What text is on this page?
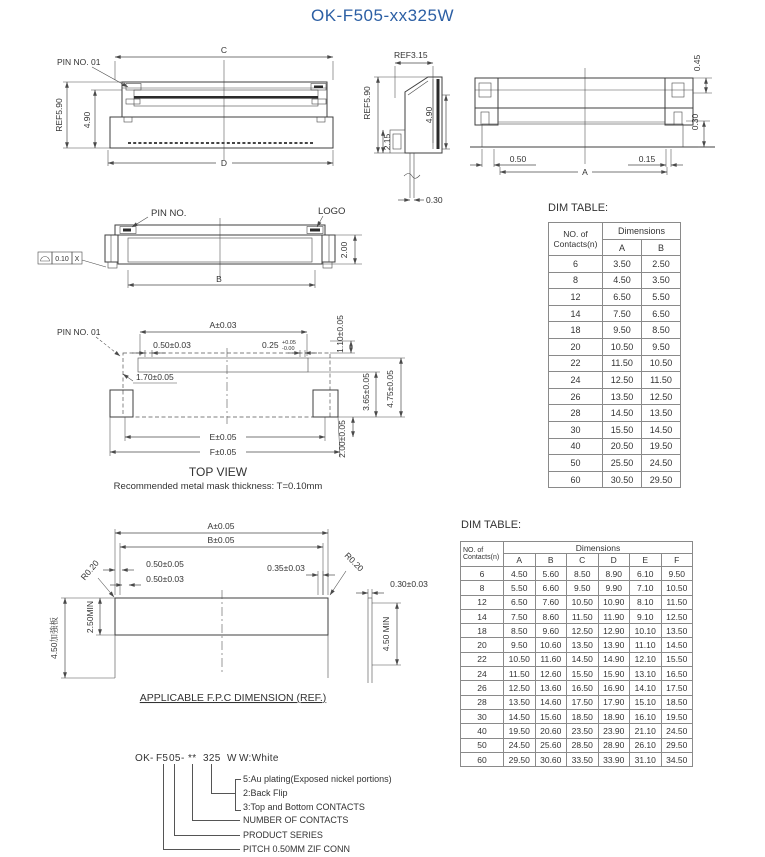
OK-F505-xx325W
C
D
REF5.90 4.90
PIN NO. 01
REF3.15
REF5.90
2.15
4.90
0.30
0.45
0.30
0.50	0.15
A
PIN NO.	LOGO
0.10 X
B
2.00
PIN NO. 01
A±0.03
0.50±0.03	0.25 +0.05
-0.00
1.70±0.05
E±0.05
F±0.05
1.10±0.05
3.65±0.05 4.75±0.05
2.00±0.05
TOP VIEW
Recommended metal mask thickness: T=0.10mm
A±0.05
B±0.05
0.50±0.05
0.50±0.03
0.35±0.03
R0.20	R0.20
4.50加強板	2.50MIN
0.30±0.03
4.50 MIN
APPLICABLE F.P.C DIMENSION (REF.)
DIM TABLE:
NO. of
Contacts(n)	Dimensions	
	A	B
6	3.50	2.50
8	4.50	3.50
12	6.50	5.50
14	7.50	6.50
18	9.50	8.50
20	10.50	9.50
22	11.50	10.50
24	12.50	11.50
26	13.50	12.50
28	14.50	13.50
30	15.50	14.50
40	20.50	19.50
50	25.50	24.50
60	30.50	29.50
DIM TABLE:
NO. of
Contacts(n)	Dimensions					
	A	B	C	D	E	F
6	4.50	5.60	8.50	8.90	6.10	9.50
8	5.50	6.60	9.50	9.90	7.10	10.50
12	6.50	7.60	10.50	10.90	8.10	11.50
14	7.50	8.60	11.50	11.90	9.10	12.50
18	8.50	9.60	12.50	12.90	10.10	13.50
20	9.50	10.60	13.50	13.90	11.10	14.50
22	10.50	11.60	14.50	14.90	12.10	15.50
24	11.50	12.60	15.50	15.90	13.10	16.50
26	12.50	13.60	16.50	16.90	14.10	17.50
28	13.50	14.60	17.50	17.90	15.10	18.50
30	14.50	15.60	18.50	18.90	16.10	19.50
40	19.50	20.60	23.50	23.90	21.10	24.50
50	24.50	25.60	28.50	28.90	26.10	29.50
60	29.50	30.60	33.50	33.90	31.10	34.50
OK- F5 05 - ** 325 W W:White
5:Au plating(Exposed nickel portions)
2:Back Flip
3:Top and Bottom CONTACTS
NUMBER OF CONTACTS
PRODUCT SERIES
PITCH 0.50MM ZIF CONN
